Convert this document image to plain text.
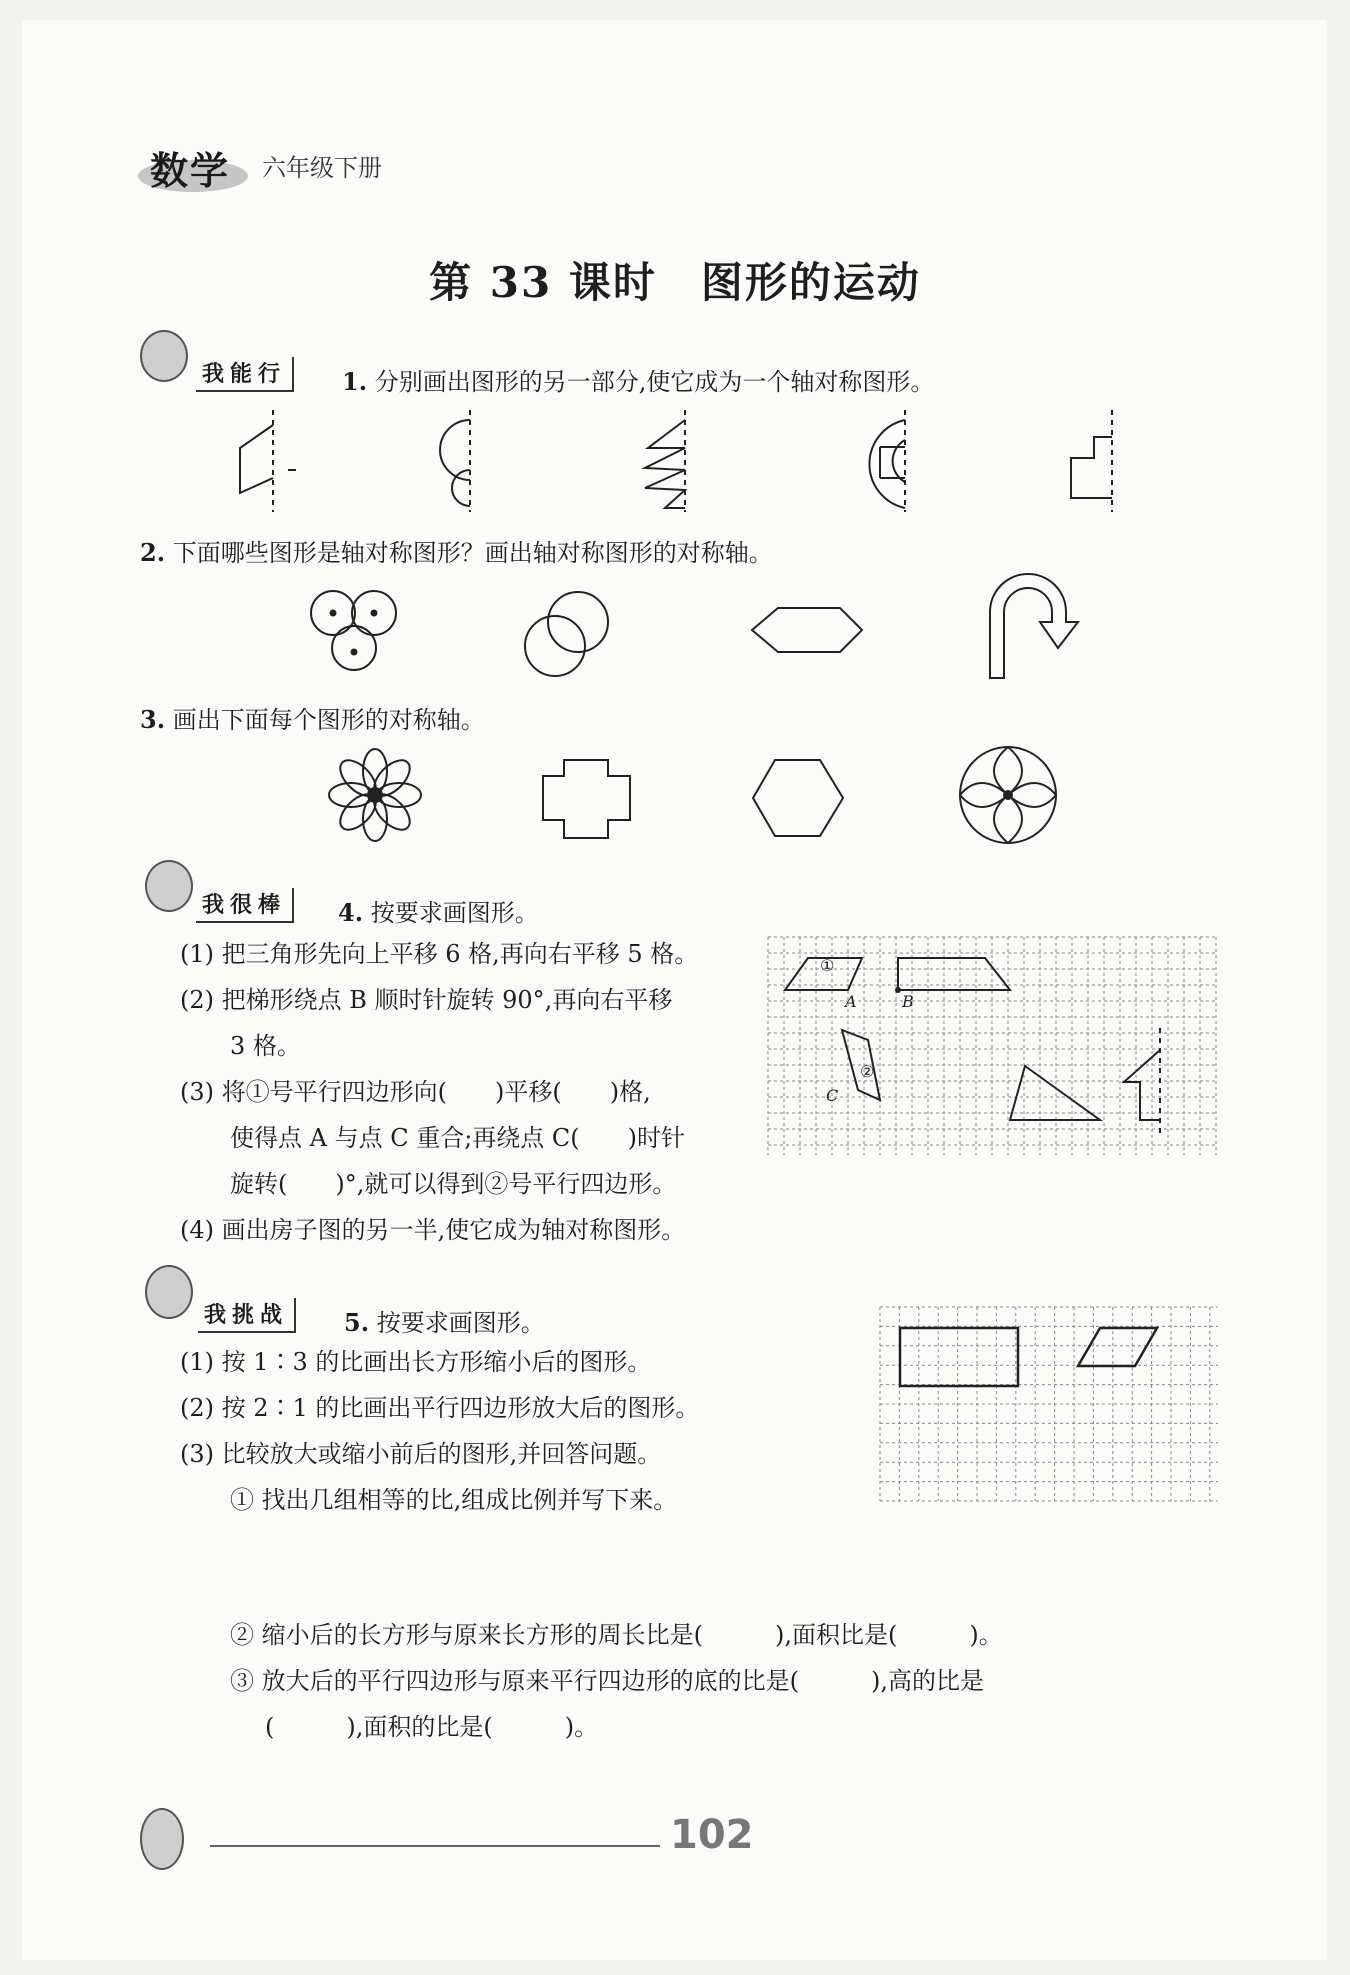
数学 六年级下册
第 33 课时　图形的运动
我能行	1. 分别画出图形的另一部分,使它成为一个轴对称图形。
2. 下面哪些图形是轴对称图形？画出轴对称图形的对称轴。
3. 画出下面每个图形的对称轴。
我很棒	4. 按要求画图形。
(1) 把三角形先向上平移 6 格,再向右平移 5 格。
(2) 把梯形绕点 B 顺时针旋转 90°,再向右平移
3 格。
(3) 将①号平行四边形向(　　)平移(　　)格,
使得点 A 与点 C 重合;再绕点 C(　　)时针
旋转(　　)°,就可以得到②号平行四边形。
(4) 画出房子图的另一半,使它成为轴对称图形。
①
②
A	B
C
我挑战	5. 按要求画图形。
(1) 按 1∶3 的比画出长方形缩小后的图形。
(2) 按 2∶1 的比画出平行四边形放大后的图形。
(3) 比较放大或缩小前后的图形,并回答问题。
① 找出几组相等的比,组成比例并写下来。
② 缩小后的长方形与原来长方形的周长比是(　　　),面积比是(　　　)。
③ 放大后的平行四边形与原来平行四边形的底的比是(　　　),高的比是
(　　　),面积的比是(　　　)。
102
